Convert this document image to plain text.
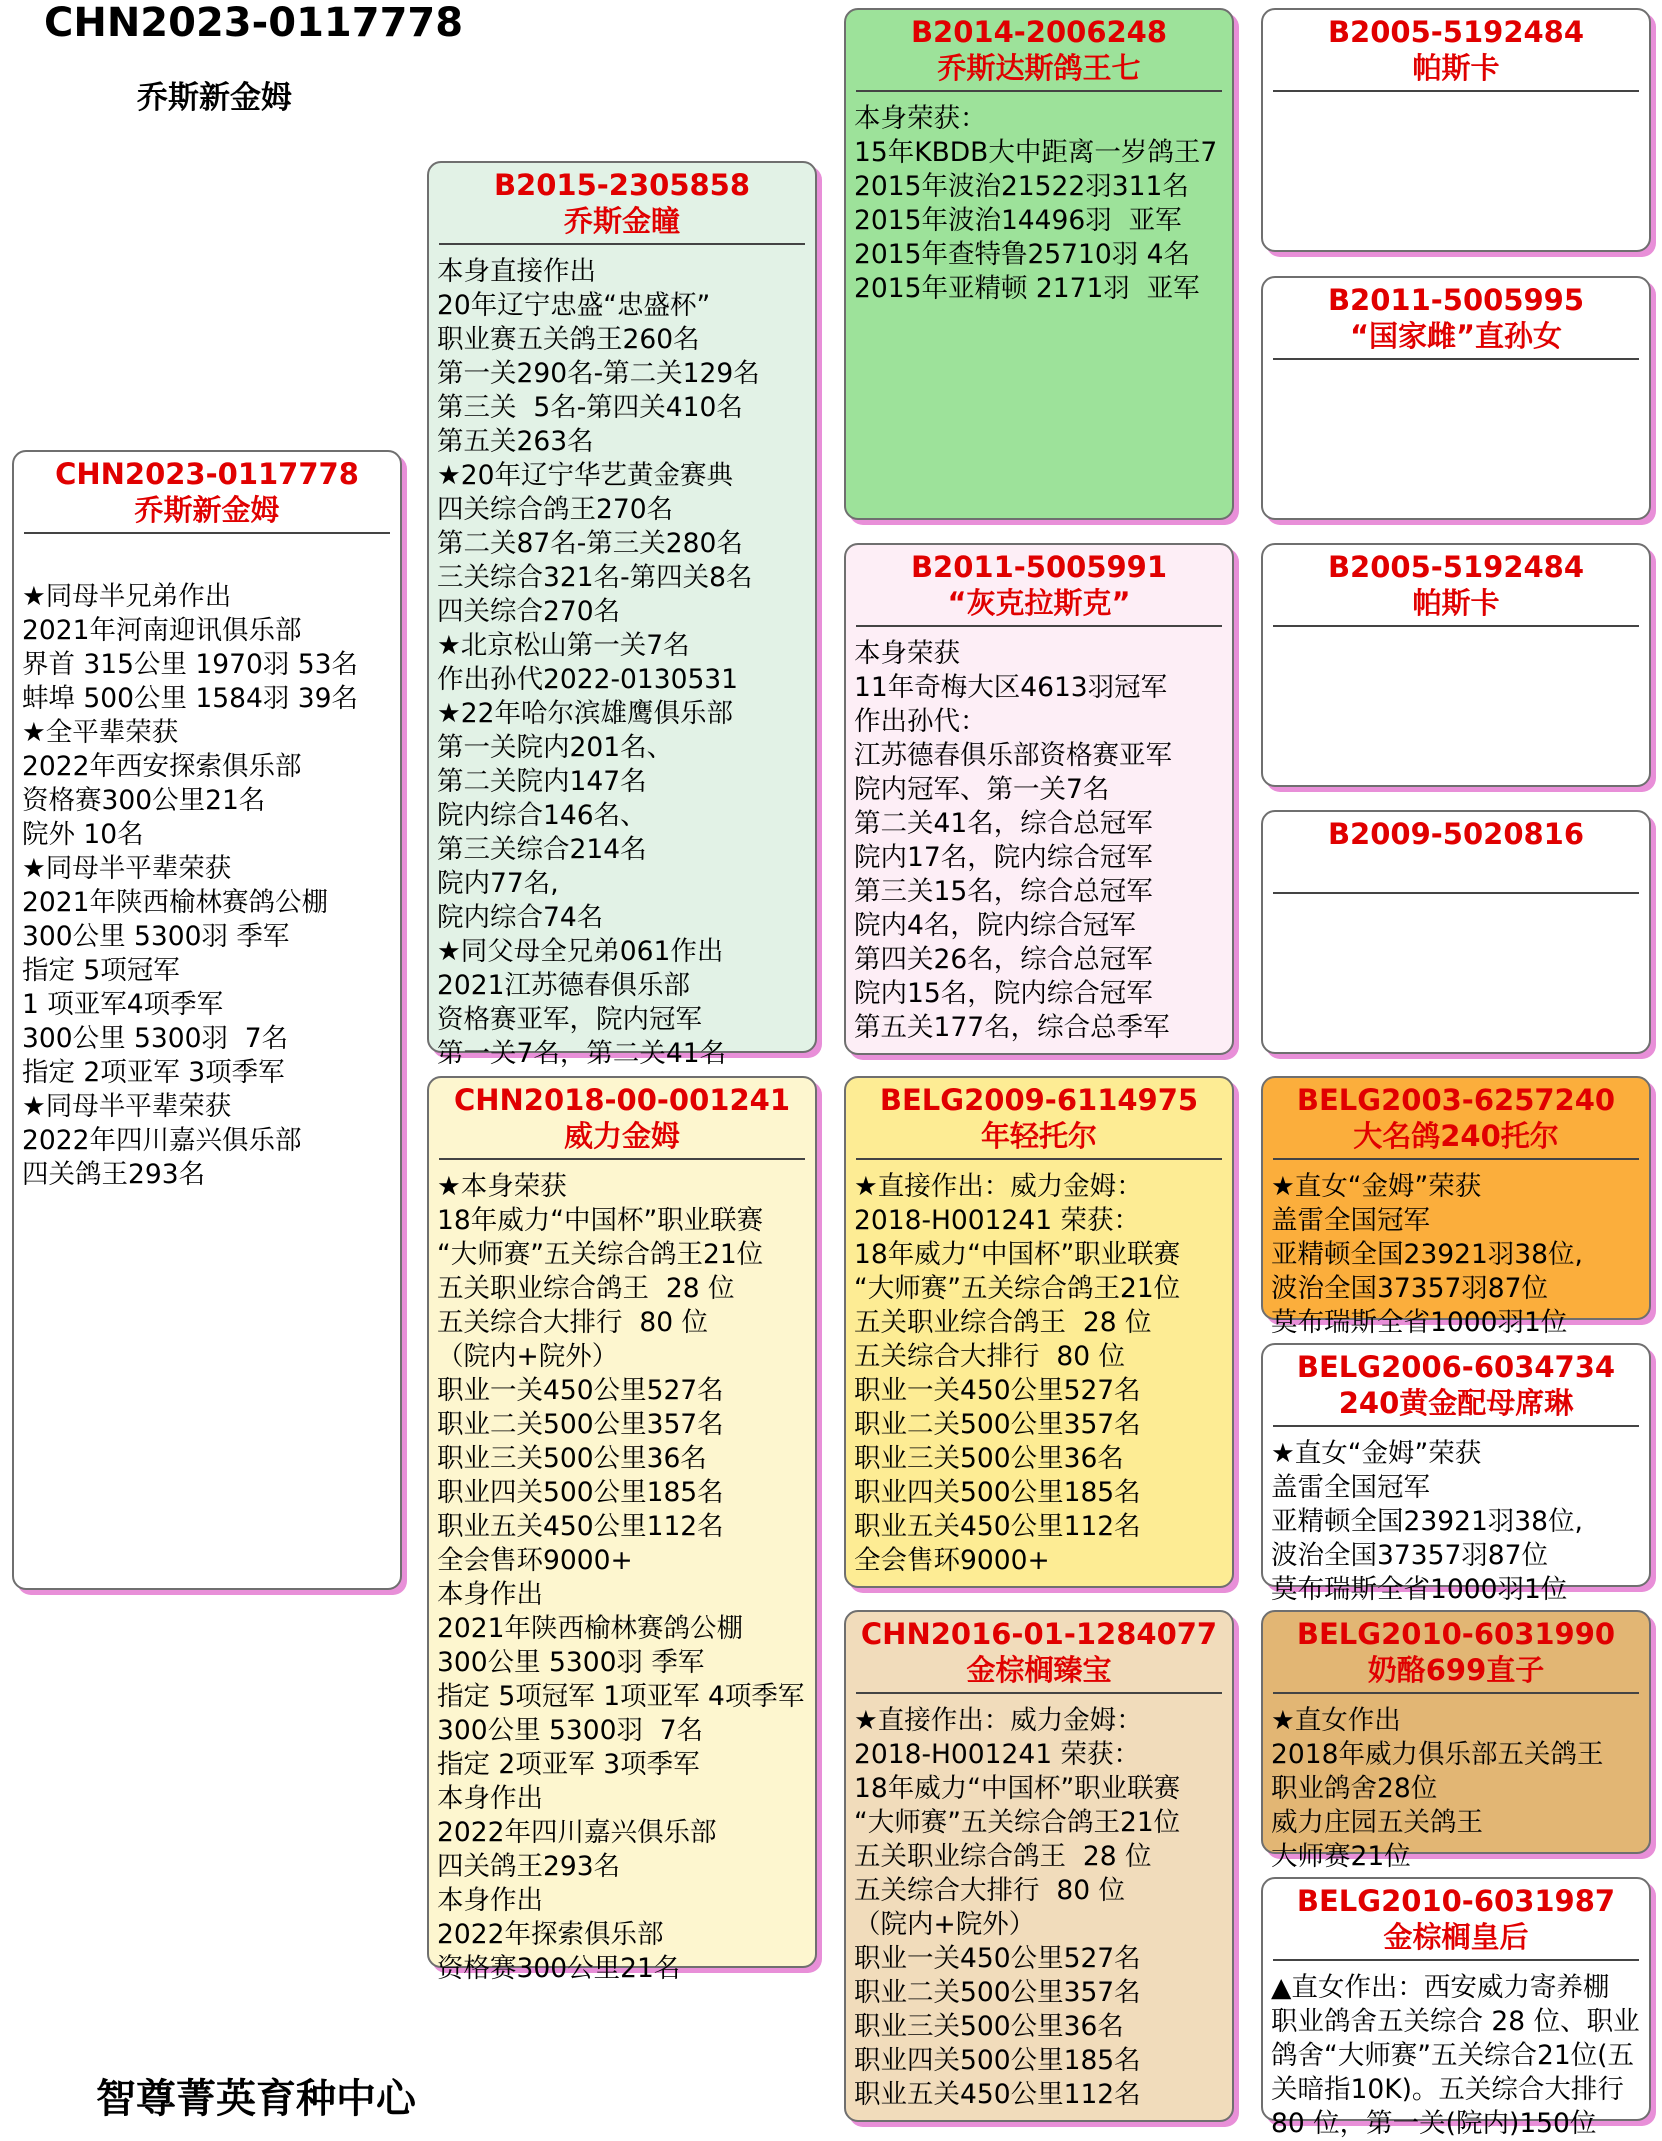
CHN2023-0117778
乔斯新金姆
CHN2023-0117778
乔斯新金姆
★同母半兄弟作出
2021年河南迎讯俱乐部
界首 315公里 1970羽 53名
蚌埠 500公里 1584羽 39名
★全平辈荣获
2022年西安探索俱乐部
资格赛300公里21名
院外 10名
★同母半平辈荣获
2021年陕西榆林赛鸽公棚
300公里 5300羽 季军
指定 5项冠军
1 项亚军4项季军
300公里 5300羽  7名
指定 2项亚军 3项季军
★同母半平辈荣获
2022年四川嘉兴俱乐部
四关鸽王293名
B2015-2305858
乔斯金瞳
本身直接作出
20年辽宁忠盛“忠盛杯”
职业赛五关鸽王260名
第一关290名-第二关129名
第三关  5名-第四关410名
第五关263名
★20年辽宁华艺黄金赛典
四关综合鸽王270名
第二关87名-第三关280名
三关综合321名-第四关8名
四关综合270名
★北京松山第一关7名
作出孙代2022-0130531
★22年哈尔滨雄鹰俱乐部
第一关院内201名、
第二关院内147名
院内综合146名、
第三关综合214名
院内77名,
院内综合74名
★同父母全兄弟061作出
2021江苏德春俱乐部
资格赛亚军，院内冠军
第一关7名，第二关41名
CHN2018-00-001241
威力金姆
★本身荣获
18年威力“中国杯”职业联赛
“大师赛”五关综合鸽王21位
五关职业综合鸽王  28 位
五关综合大排行  80 位
（院内+院外）
职业一关450公里527名
职业二关500公里357名
职业三关500公里36名
职业四关500公里185名
职业五关450公里112名
全会售环9000+
本身作出
2021年陕西榆林赛鸽公棚
300公里 5300羽 季军
指定 5项冠军 1项亚军 4项季军
300公里 5300羽  7名
指定 2项亚军 3项季军
本身作出
2022年四川嘉兴俱乐部
四关鸽王293名
本身作出
2022年探索俱乐部
资格赛300公里21名
B2014-2006248
乔斯达斯鸽王七
本身荣获：
15年KBDB大中距离一岁鸽王7
2015年波治21522羽311名
2015年波治14496羽  亚军
2015年查特鲁25710羽 4名
2015年亚精顿 2171羽  亚军
B2011-5005991
“灰克拉斯克”
本身荣获
11年奇梅大区4613羽冠军
作出孙代：
江苏德春俱乐部资格赛亚军
院内冠军、第一关7名
第二关41名，综合总冠军
院内17名，院内综合冠军
第三关15名，综合总冠军
院内4名，院内综合冠军
第四关26名，综合总冠军
院内15名，院内综合冠军
第五关177名，综合总季军
BELG2009-6114975
年轻托尔
★直接作出：威力金姆：
2018-H001241 荣获：
18年威力“中国杯”职业联赛
“大师赛”五关综合鸽王21位
五关职业综合鸽王  28 位
五关综合大排行  80 位
职业一关450公里527名
职业二关500公里357名
职业三关500公里36名
职业四关500公里185名
职业五关450公里112名
全会售环9000+
CHN2016-01-1284077
金棕榈臻宝
★直接作出：威力金姆：
2018-H001241 荣获：
18年威力“中国杯”职业联赛
“大师赛”五关综合鸽王21位
五关职业综合鸽王  28 位
五关综合大排行  80 位
（院内+院外）
职业一关450公里527名
职业二关500公里357名
职业三关500公里36名
职业四关500公里185名
职业五关450公里112名
B2005-5192484
帕斯卡
B2011-5005995
“国家雌”直孙女
B2005-5192484
帕斯卡
B2009-5020816
BELG2003-6257240
大名鸽240托尔
★直女“金姆”荣获
盖雷全国冠军
亚精顿全国23921羽38位,
波治全国37357羽87位
莫布瑞斯全省1000羽1位
BELG2006-6034734
240黄金配母席琳
★直女“金姆”荣获
盖雷全国冠军
亚精顿全国23921羽38位,
波治全国37357羽87位
莫布瑞斯全省1000羽1位
BELG2010-6031990
奶酪699直子
★直女作出
2018年威力俱乐部五关鸽王
职业鸽舍28位
威力庄园五关鸽王
大师赛21位
BELG2010-6031987
金棕榈皇后
▲直女作出：西安威力寄养棚
职业鸽舍五关综合 28 位、职业
鸽舍“大师赛”五关综合21位(五
关暗指10K)。五关综合大排行
80 位，第一关(院内)150位
智尊菁英育种中心
